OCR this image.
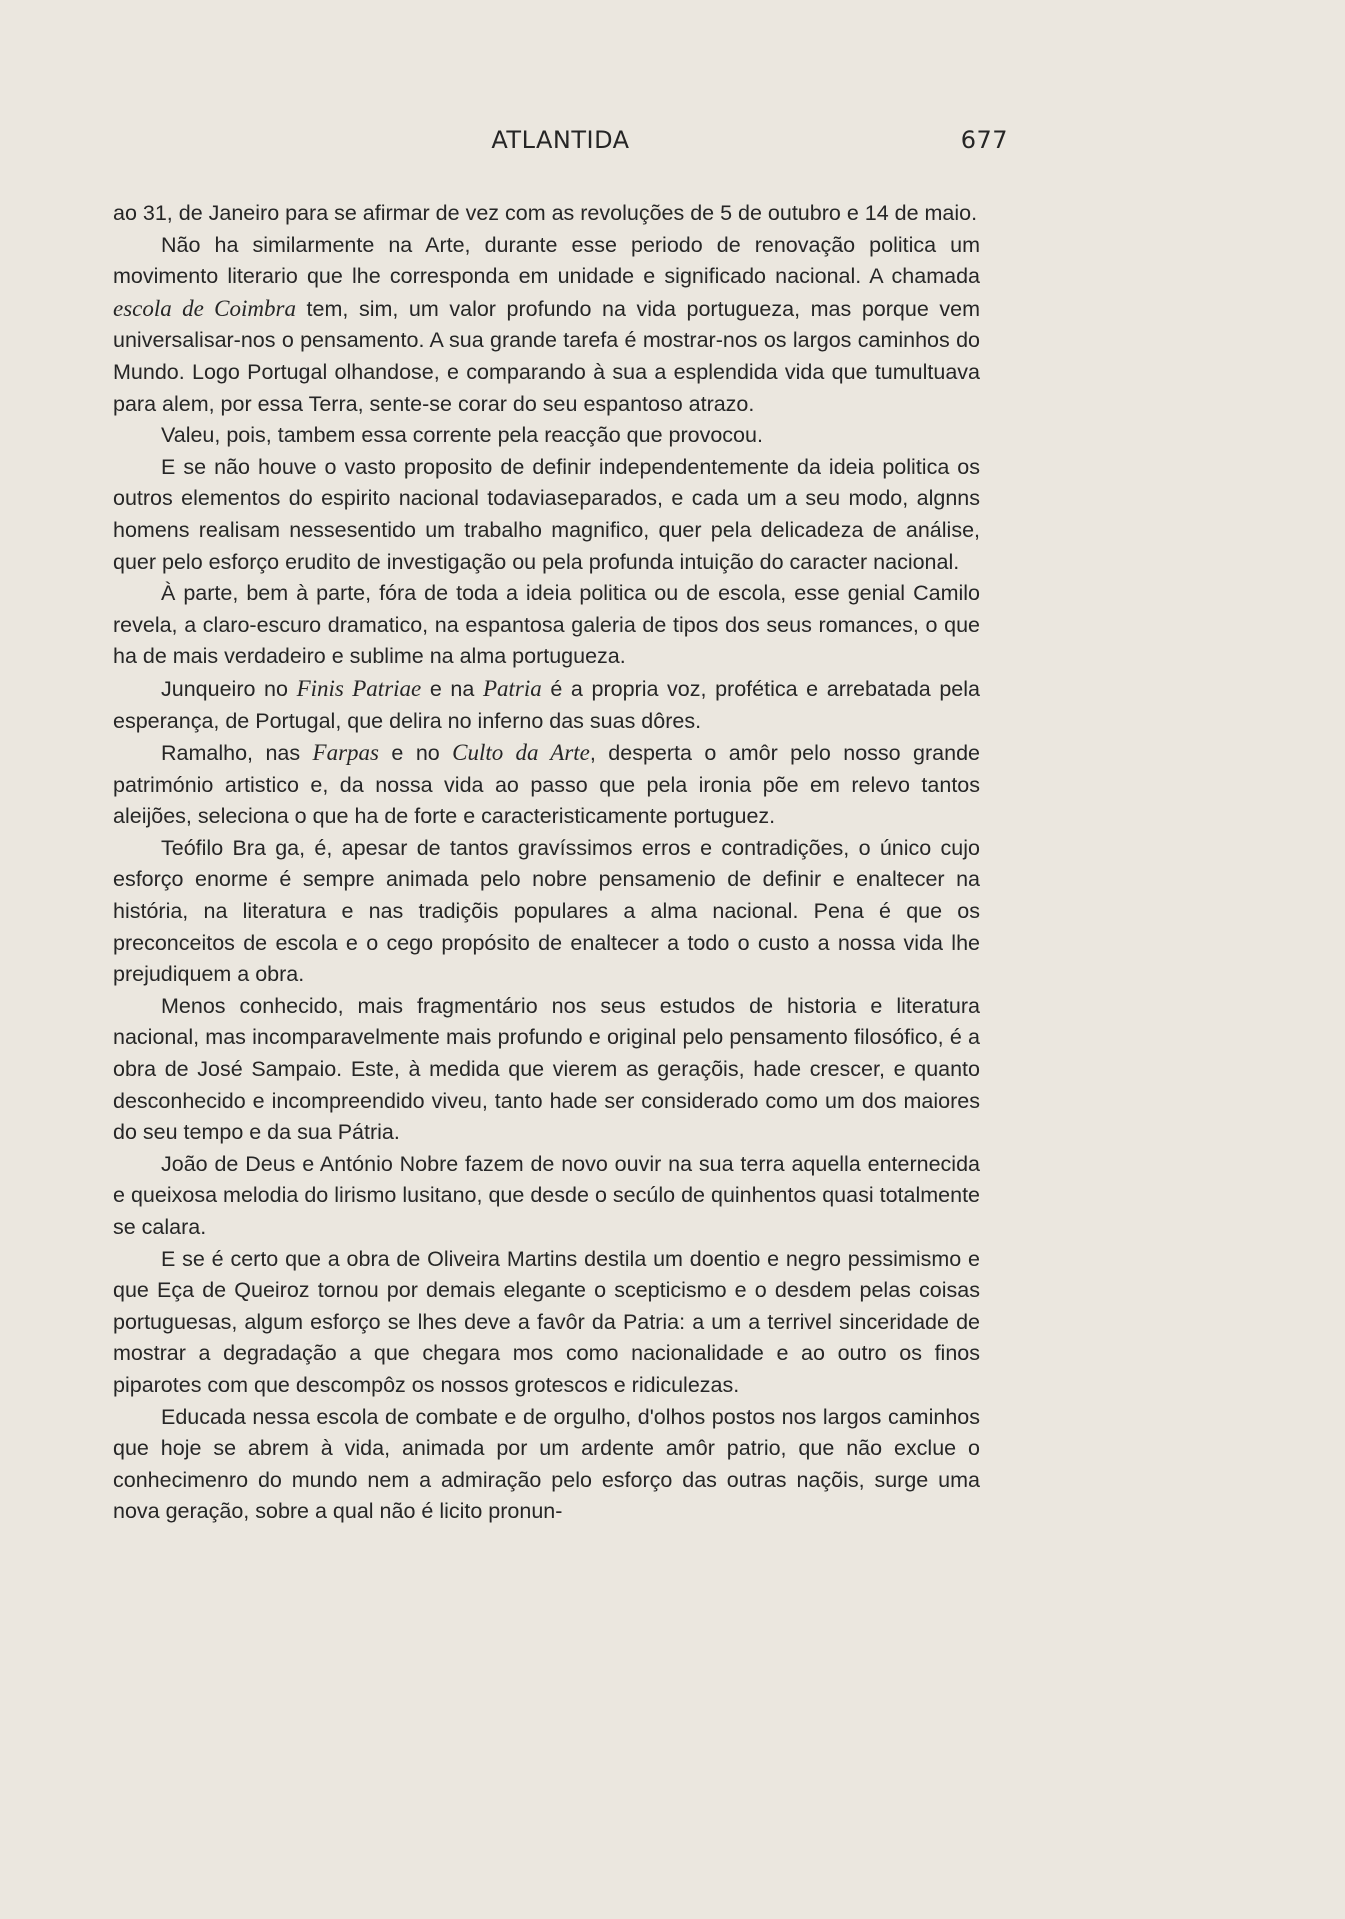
ATLANTIDA	677

ao 31, de Janeiro para se afirmar de vez com as revoluções de 5 de outubro e 14 de maio.

Não ha similarmente na Arte, durante esse periodo de renovação politica um movimento literario que lhe corresponda em unidade e significado nacional. A chamada escola de Coimbra tem, sim, um valor profundo na vida portugueza, mas porque vem universalisar-nos o pensamento. A sua grande tarefa é mostrar-nos os largos caminhos do Mundo. Logo Portugal olhandose, e comparando à sua a esplendida vida que tumultuava para alem, por essa Terra, sente-se corar do seu espantoso atrazo.

Valeu, pois, tambem essa corrente pela reacção que provocou.

E se não houve o vasto proposito de definir independentemente da ideia politica os outros elementos do espirito nacional todaviaseparados, e cada um a seu modo, algnns homens realisam nessesentido um trabalho magnifico, quer pela delicadeza de análise, quer pelo esforço erudito de investigação ou pela profunda intuição do caracter nacional.

À parte, bem à parte, fóra de toda a ideia politica ou de escola, esse genial Camilo revela, a claro-escuro dramatico, na espantosa galeria de tipos dos seus romances, o que ha de mais verdadeiro e sublime na alma portugueza.

Junqueiro no Finis Patriae e na Patria é a propria voz, profética e arrebatada pela esperança, de Portugal, que delira no inferno das suas dôres.

Ramalho, nas Farpas e no Culto da Arte, desperta o amôr pelo nosso grande património artistico e, da nossa vida ao passo que pela ironia põe em relevo tantos aleijões, seleciona o que ha de forte e caracteristicamente portuguez.

Teófilo Bra ga, é, apesar de tantos gravíssimos erros e contradições, o único cujo esforço enorme é sempre animada pelo nobre pensamenio de definir e enaltecer na história, na literatura e nas tradiçõis populares a alma nacional. Pena é que os preconceitos de escola e o cego propósito de enaltecer a todo o custo a nossa vida lhe prejudiquem a obra.

Menos conhecido, mais fragmentário nos seus estudos de historia e literatura nacional, mas incomparavelmente mais profundo e original pelo pensamento filosófico, é a obra de José Sampaio. Este, à medida que vierem as geraçõis, hade crescer, e quanto desconhecido e incompreendido viveu, tanto hade ser considerado como um dos maiores do seu tempo e da sua Pátria.

João de Deus e António Nobre fazem de novo ouvir na sua terra aquella enternecida e queixosa melodia do lirismo lusitano, que desde o secúlo de quinhentos quasi totalmente se calara.

E se é certo que a obra de Oliveira Martins destila um doentio e negro pessimismo e que Eça de Queiroz tornou por demais elegante o scepticismo e o desdem pelas coisas portuguesas, algum esforço se lhes deve a favôr da Patria: a um a terrivel sinceridade de mostrar a degradação a que chegara mos como nacionalidade e ao outro os finos piparotes com que descompôz os nossos grotescos e ridiculezas.

Educada nessa escola de combate e de orgulho, d'olhos postos nos largos caminhos que hoje se abrem à vida, animada por um ardente amôr patrio, que não exclue o conhecimenro do mundo nem a admiração pelo esforço das outras naçõis, surge uma nova geração, sobre a qual não é licito pronun-
